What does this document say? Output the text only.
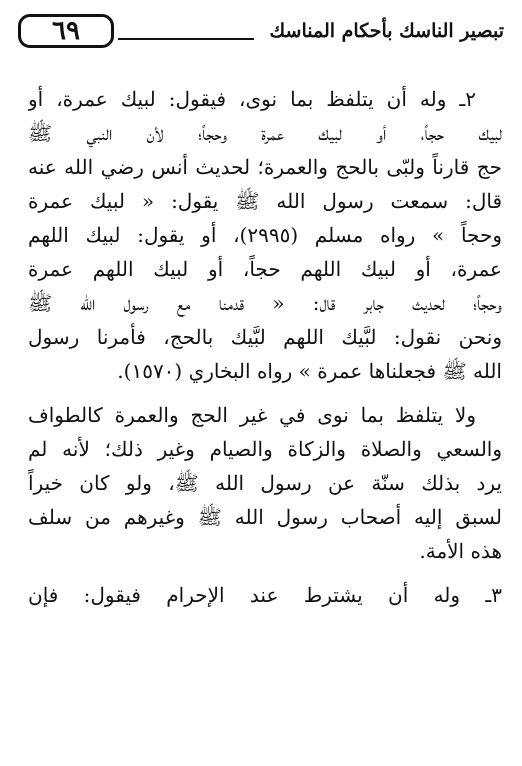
تبصير الناسك بأحكام المناسك
٦٩
٢ـ وله أن يتلفظ بما نوى، فيقول: لبيك عمرة، أو
لبيك حجاً، أو لبيك عمرة وحجاً؛ لأن النبي ﷺ
حج قارناً ولبّى بالحج والعمرة؛ لحديث أنس رضي الله عنه
قال: سمعت رسول الله ﷺ يقول: « لبيك عمرة
وحجاً » رواه مسلم (٢٩٩٥)، أو يقول: لبيك اللهم
عمرة، أو لبيك اللهم حجاً، أو لبيك اللهم عمرة
وحجاً؛ لحديث جابر قال: « قدمنا مع رسول الله ﷺ
ونحن نقول: لبَّيك اللهم لبَّيك بالحج، فأمرنا رسول
الله ﷺ فجعلناها عمرة » رواه البخاري (١٥٧٠).
ولا يتلفظ بما نوى في غير الحج والعمرة كالطواف
والسعي والصلاة والزكاة والصيام وغير ذلك؛ لأنه لم
يرد بذلك سنّة عن رسول الله ﷺ، ولو كان خيراً
لسبق إليه أصحاب رسول الله ﷺ وغيرهم من سلف
هذه الأمة.
٣ـ وله أن يشترط عند الإحرام فيقول: فإن
